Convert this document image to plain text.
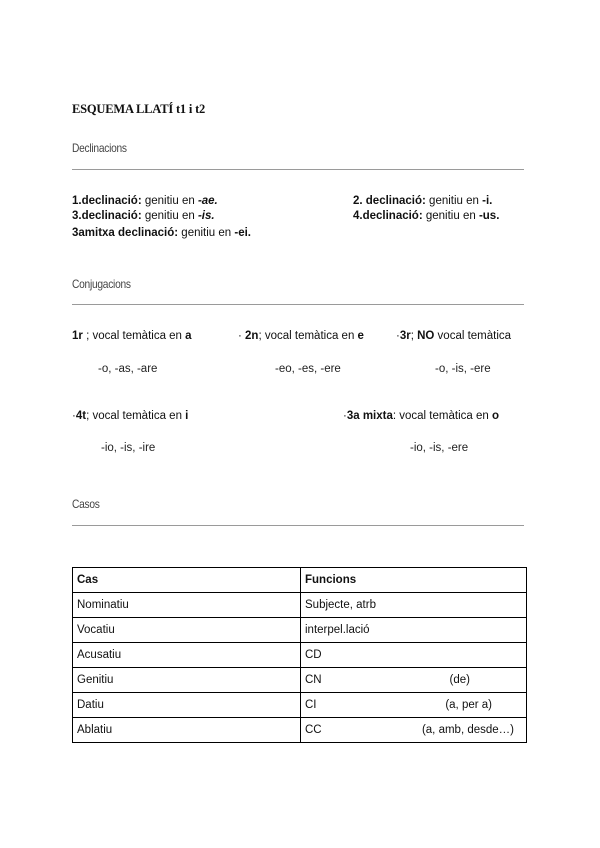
ESQUEMA LLATÍ t1 i t2
Declinacions
1.declinació: genitiu en -ae.	2. declinació: genitiu en -i.
3.declinació: genitiu en -is.	4.declinació: genitiu en -us.
3amitxa declinació: genitiu en -ei.
Conjugacions
1r ; vocal temàtica en a
-o, -as, -are
· 2n; vocal temàtica en e
-eo, -es, -ere
·3r; NO vocal temàtica
-o, -is, -ere
·4t; vocal temàtica en i
-io, -is, -ire
·3a mixta: vocal temàtica en o
-io, -is, -ere
Casos
Cas	Funcions
Nominatiu	Subjecte, atrb

Vocatiu	interpel.lació

Acusatiu	CD

Genitiu	CN (de)

Datiu	CI (a, per a)

Ablatiu	CC (a, amb, desde…)
